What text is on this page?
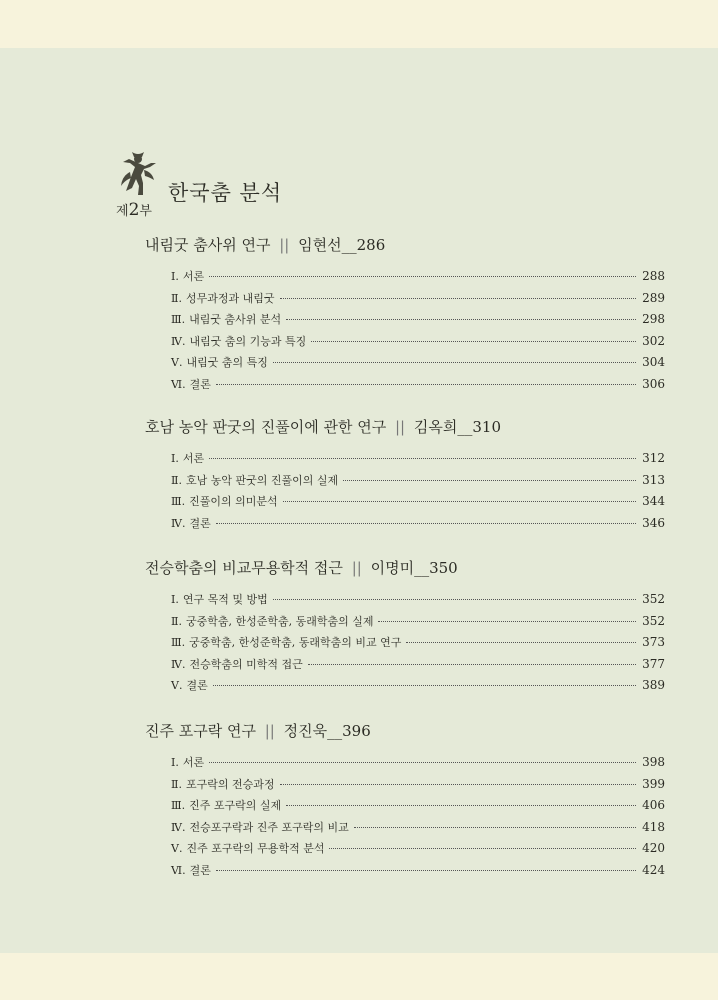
제2부
한국춤 분석
내림굿 춤사위 연구 || 임현선__286
Ⅰ. 서론	288
Ⅱ. 성무과정과 내림굿	289
Ⅲ. 내림굿 춤사위 분석	298
Ⅳ. 내림굿 춤의 기능과 특징	302
Ⅴ. 내림굿 춤의 특징	304
Ⅵ. 결론	306
호남 농악 판굿의 진풀이에 관한 연구 || 김옥희__310
Ⅰ. 서론	312
Ⅱ. 호남 농악 판굿의 진풀이의 실제	313
Ⅲ. 진풀이의 의미분석	344
Ⅳ. 결론	346
전승학춤의 비교무용학적 접근 || 이명미__350
Ⅰ. 연구 목적 및 방법	352
Ⅱ. 궁중학춤, 한성준학춤, 동래학춤의 실제	352
Ⅲ. 궁중학춤, 한성준학춤, 동래학춤의 비교 연구	373
Ⅳ. 전승학춤의 미학적 접근	377
Ⅴ. 결론	389
진주 포구락 연구 || 정진욱__396
Ⅰ. 서론	398
Ⅱ. 포구락의 전승과정	399
Ⅲ. 진주 포구락의 실제	406
Ⅳ. 전승포구락과 진주 포구락의 비교	418
Ⅴ. 진주 포구락의 무용학적 분석	420
Ⅵ. 결론	424
